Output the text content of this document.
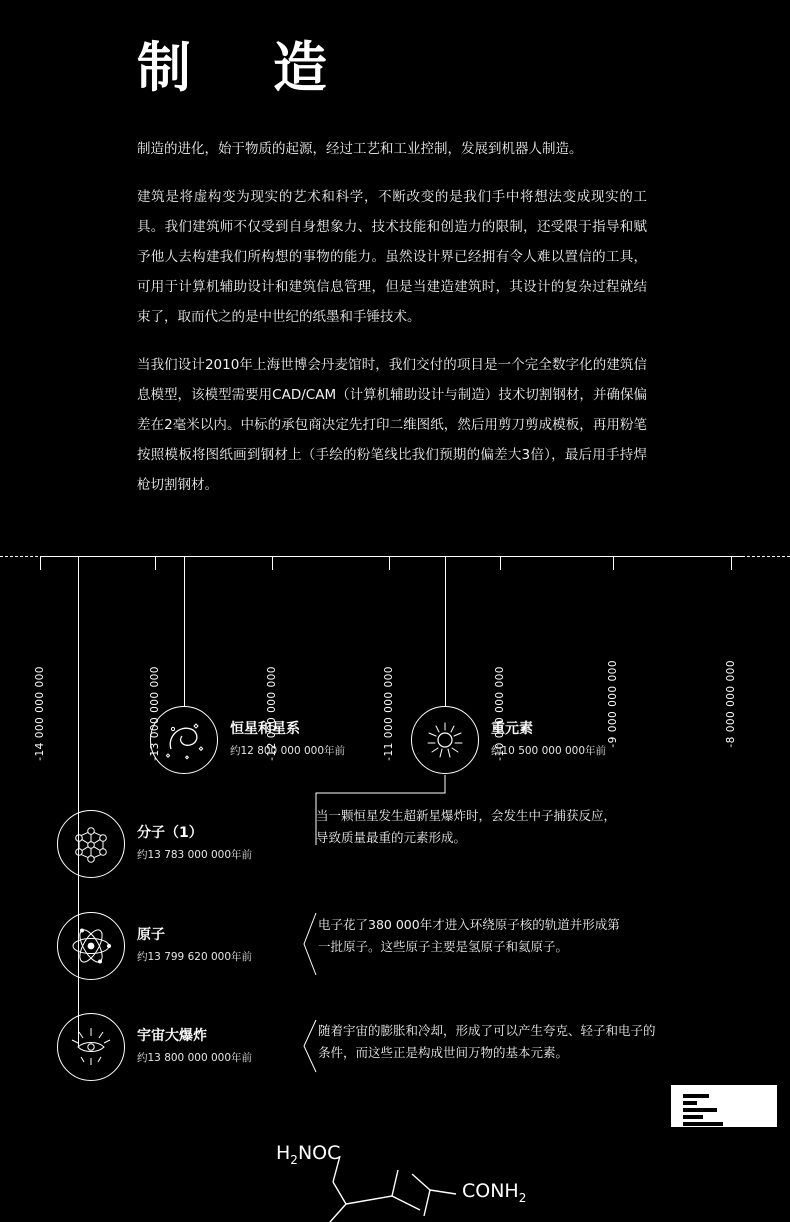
制　造

制造的进化，始于物质的起源，经过工艺和工业控制，发展到机器人制造。

建筑是将虚构变为现实的艺术和科学，不断改变的是我们手中将想法变成现实的工具。我们建筑师不仅受到自身想象力、技术技能和创造力的限制，还受限于指导和赋予他人去构建我们所构想的事物的能力。虽然设计界已经拥有令人难以置信的工具，可用于计算机辅助设计和建筑信息管理，但是当建造建筑时，其设计的复杂过程就结束了，取而代之的是中世纪的纸墨和手锤技术。

当我们设计2010年上海世博会丹麦馆时，我们交付的项目是一个完全数字化的建筑信息模型，该模型需要用CAD/CAM（计算机辅助设计与制造）技术切割钢材，并确保偏差在2毫米以内。中标的承包商决定先打印二维图纸，然后用剪刀剪成模板，再用粉笔按照模板将图纸画到钢材上（手绘的粉笔线比我们预期的偏差大3倍），最后用手持焊枪切割钢材。

-14 000 000 000	-13 000 000 000	-12 000 000 000	-11 000 000 000	-10 000 000 000	-9 000 000 000	-8 000 000 000
恒星和星系
约12 800 000 000年前
重元素
约10 500 000 000年前
分子（1）
约13 783 000 000年前
原子
约13 799 620 000年前
宇宙大爆炸
约13 800 000 000年前
当一颗恒星发生超新星爆炸时，会发生中子捕获反应，导致质量最重的元素形成。
电子花了380 000年才进入环绕原子核的轨道并形成第一批原子。这些原子主要是氢原子和氦原子。
随着宇宙的膨胀和冷却，形成了可以产生夸克、轻子和电子的条件，而这些正是构成世间万物的基本元素。
$H_2NOC$
$CONH_2$
